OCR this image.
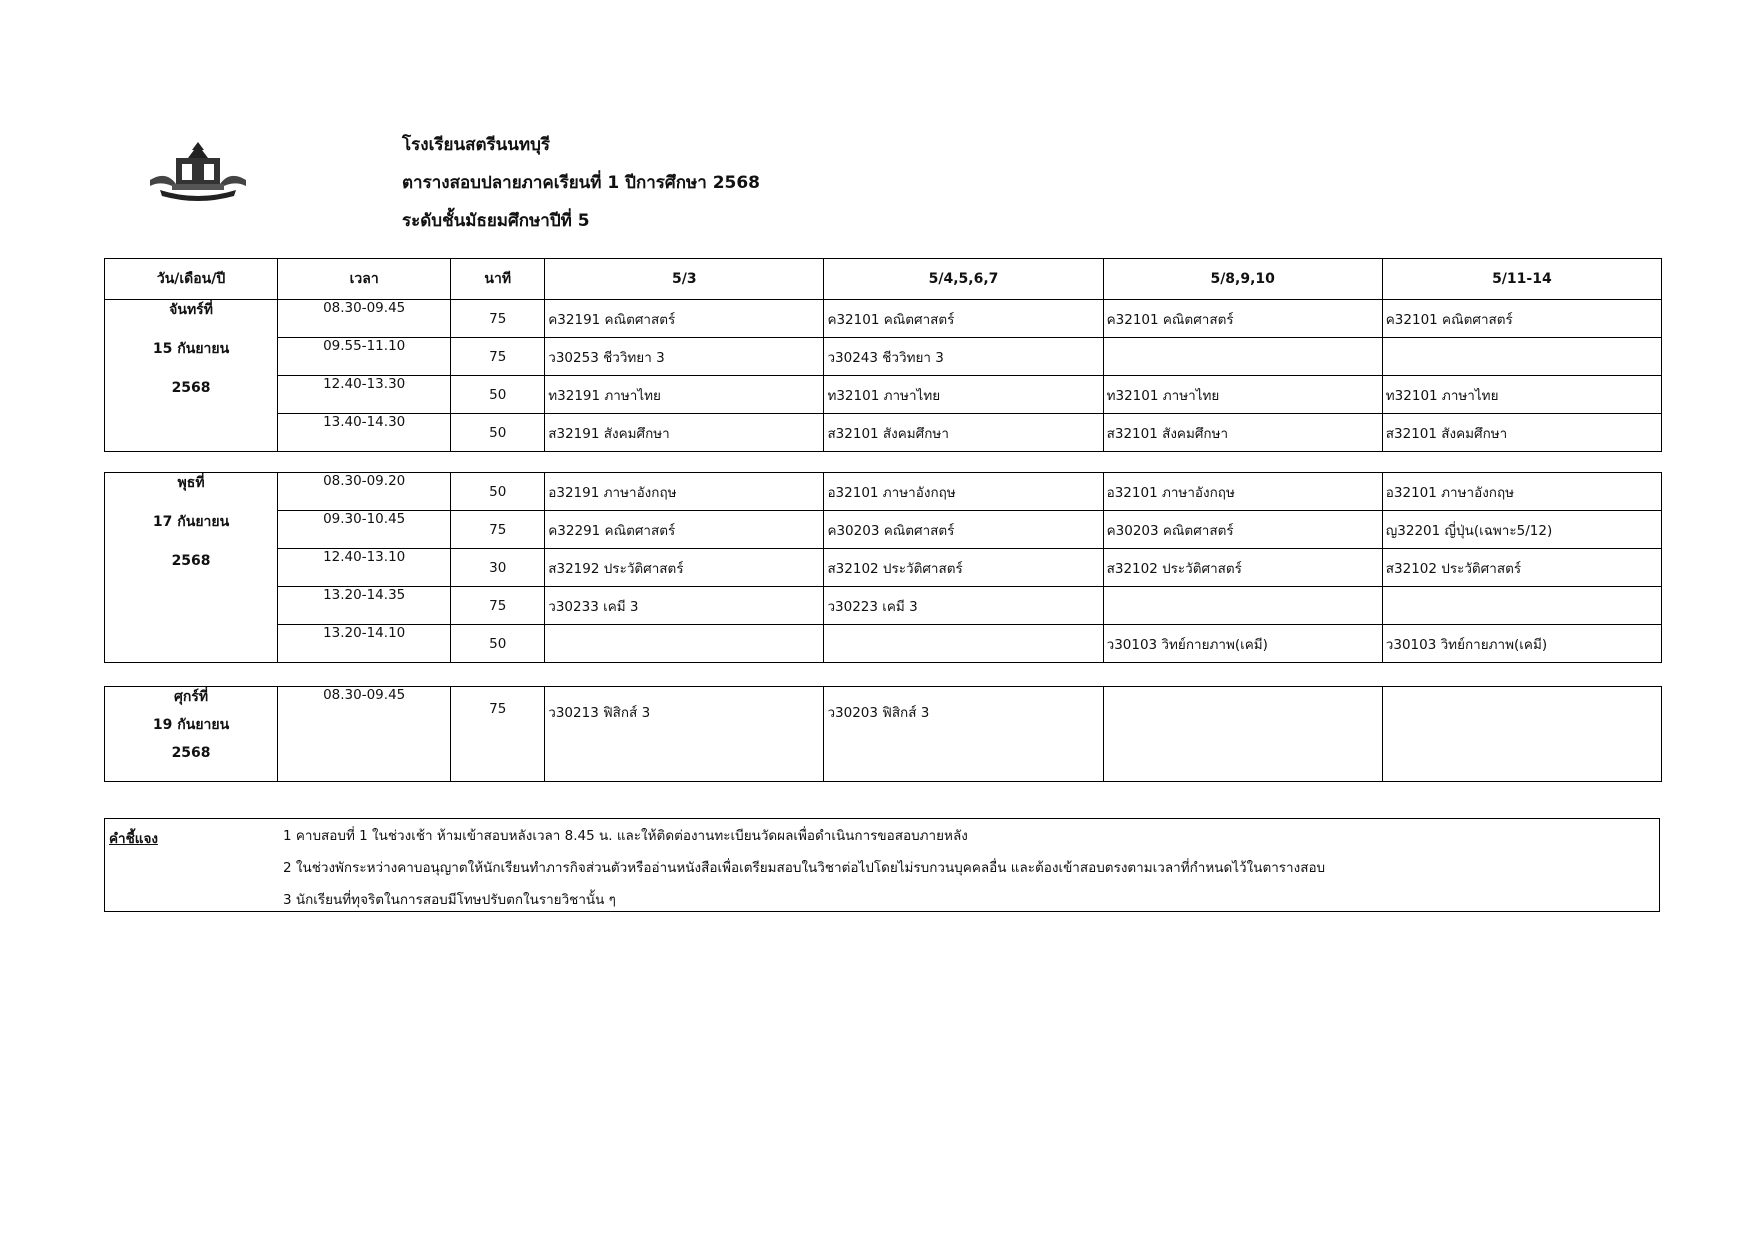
โรงเรียนสตรีนนทบุรี
ตารางสอบปลายภาคเรียนที่ 1 ปีการศึกษา 2568
ระดับชั้นมัธยมศึกษาปีที่ 5
วัน/เดือน/ปี	เวลา	นาที	5/3	5/4,5,6,7	5/8,9,10	5/11-14

จันทร์ที่
15 กันยายน
2568	08.30-09.45	75	ค32191 คณิตศาสตร์	ค32101 คณิตศาสตร์	ค32101 คณิตศาสตร์	ค32101 คณิตศาสตร์
	09.55-11.10	75	ว30253 ชีววิทยา 3	ว30243 ชีววิทยา 3		
	12.40-13.30	50	ท32191 ภาษาไทย	ท32101 ภาษาไทย	ท32101 ภาษาไทย	ท32101 ภาษาไทย
	13.40-14.30	50	ส32191 สังคมศึกษา	ส32101 สังคมศึกษา	ส32101 สังคมศึกษา	ส32101 สังคมศึกษา
พุธที่
17 กันยายน
2568	08.30-09.20	50	อ32191 ภาษาอังกฤษ	อ32101 ภาษาอังกฤษ	อ32101 ภาษาอังกฤษ	อ32101 ภาษาอังกฤษ
	09.30-10.45	75	ค32291 คณิตศาสตร์	ค30203 คณิตศาสตร์	ค30203 คณิตศาสตร์	ญ32201 ญี่ปุ่น(เฉพาะ5/12)
	12.40-13.10	30	ส32192 ประวัติศาสตร์	ส32102 ประวัติศาสตร์	ส32102 ประวัติศาสตร์	ส32102 ประวัติศาสตร์
	13.20-14.35	75	ว30233 เคมี 3	ว30223 เคมี 3		
	13.20-14.10	50			ว30103 วิทย์กายภาพ(เคมี)	ว30103 วิทย์กายภาพ(เคมี)
ศุกร์ที่
19 กันยายน
2568
	08.30-09.45	75	ว30213 ฟิสิกส์ 3	ว30203 ฟิสิกส์ 3		
คำชี้แจง	1 คาบสอบที่ 1 ในช่วงเช้า ห้ามเข้าสอบหลังเวลา 8.45 น. และให้ติดต่องานทะเบียนวัดผลเพื่อดำเนินการขอสอบภายหลัง
2 ในช่วงพักระหว่างคาบอนุญาตให้นักเรียนทำภารกิจส่วนตัวหรืออ่านหนังสือเพื่อเตรียมสอบในวิชาต่อไปโดยไม่รบกวนบุคคลอื่น และต้องเข้าสอบตรงตามเวลาที่กำหนดไว้ในตารางสอบ
3 นักเรียนที่ทุจริตในการสอบมีโทษปรับตกในรายวิชานั้น ๆ
